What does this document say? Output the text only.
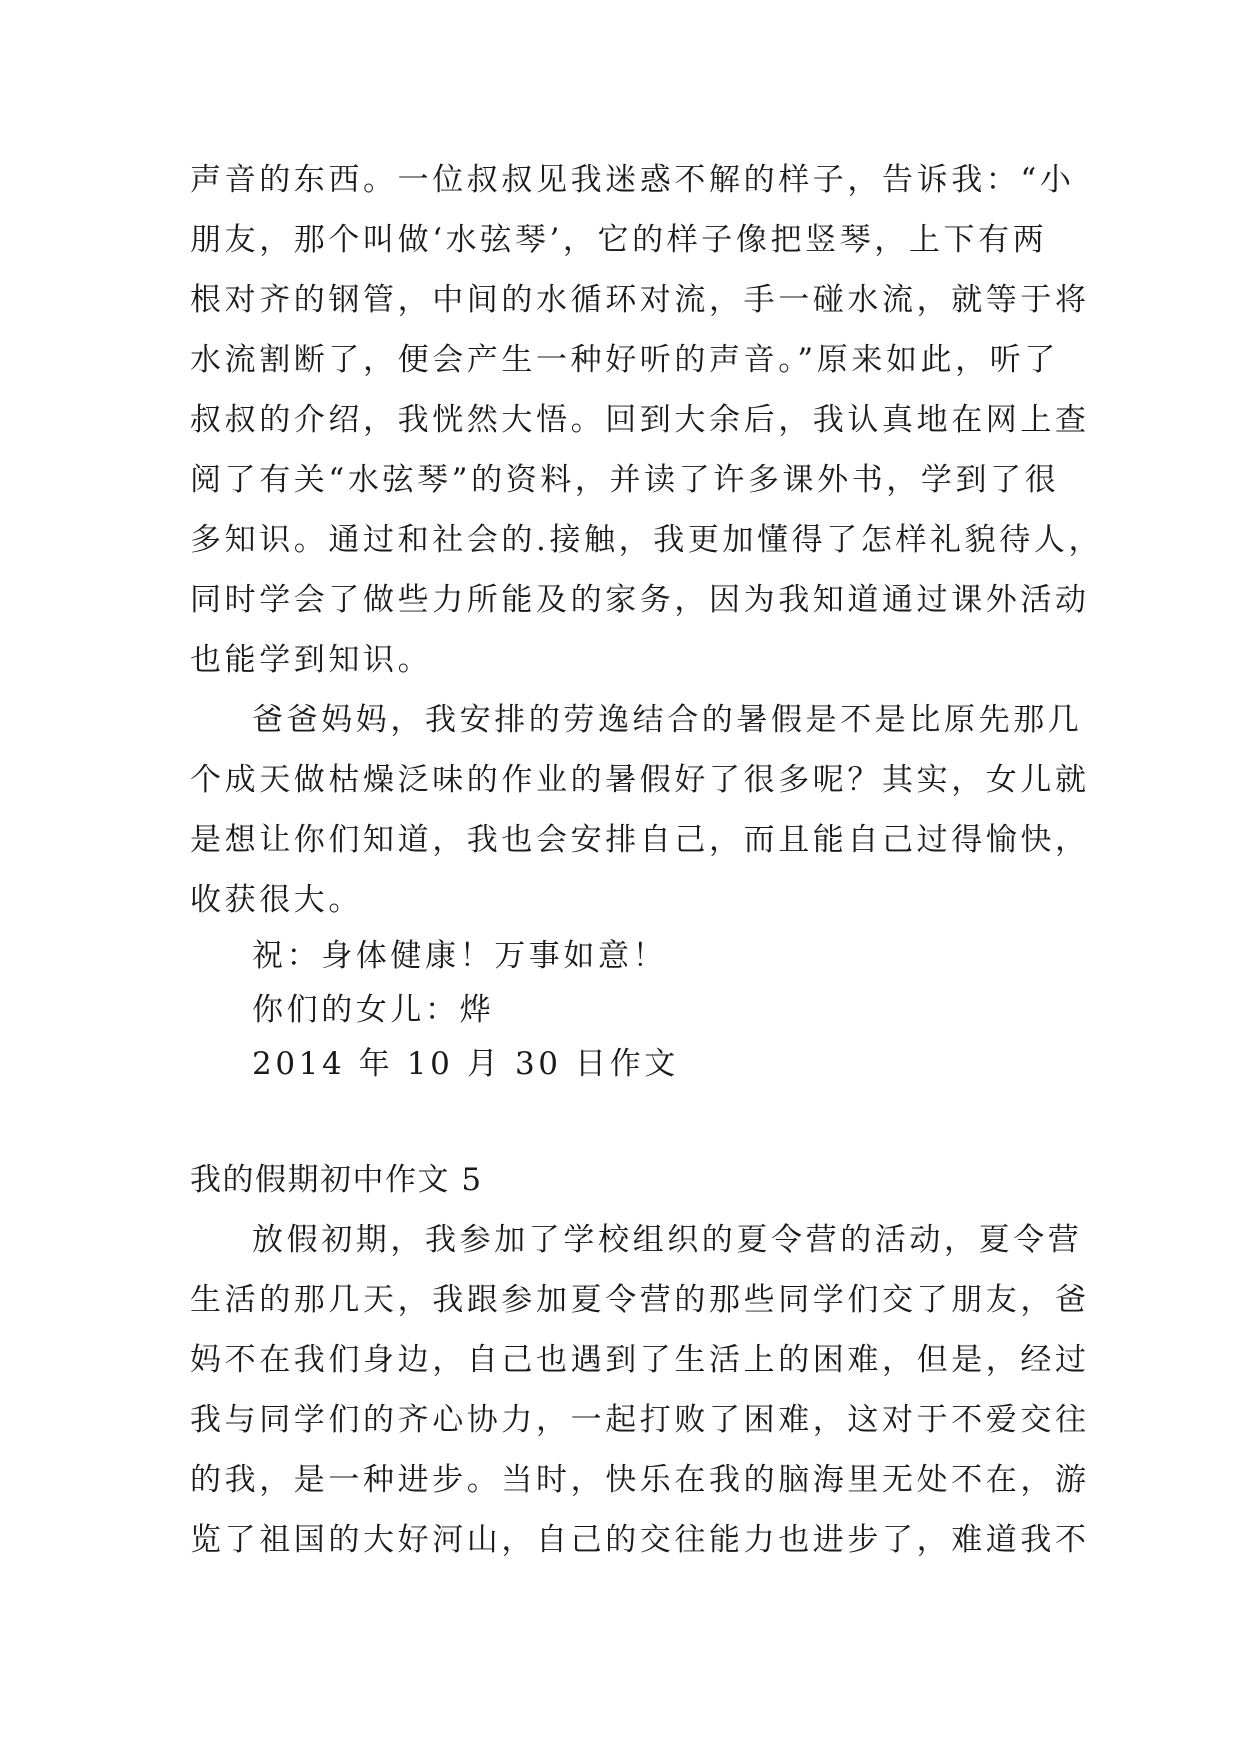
声音的东西。一位叔叔见我迷惑不解的样子，告诉我：“小
朋友，那个叫做‘水弦琴’，它的样子像把竖琴，上下有两
根对齐的钢管，中间的水循环对流，手一碰水流，就等于将
水流割断了，便会产生一种好听的声音。”原来如此，听了
叔叔的介绍，我恍然大悟。回到大余后，我认真地在网上查
阅了有关“水弦琴”的资料，并读了许多课外书，学到了很
多知识。通过和社会的.接触，我更加懂得了怎样礼貌待人，
同时学会了做些力所能及的家务，因为我知道通过课外活动
也能学到知识。
爸爸妈妈，我安排的劳逸结合的暑假是不是比原先那几
个成天做枯燥泛味的作业的暑假好了很多呢？其实，女儿就
是想让你们知道，我也会安排自己，而且能自己过得愉快，
收获很大。
祝：身体健康！万事如意！
你们的女儿：烨
2014 年 10 月 30 日作文
我的假期初中作文 5
放假初期，我参加了学校组织的夏令营的活动，夏令营
生活的那几天，我跟参加夏令营的那些同学们交了朋友，爸
妈不在我们身边，自己也遇到了生活上的困难，但是，经过
我与同学们的齐心协力，一起打败了困难，这对于不爱交往
的我，是一种进步。当时，快乐在我的脑海里无处不在，游
览了祖国的大好河山，自己的交往能力也进步了，难道我不
